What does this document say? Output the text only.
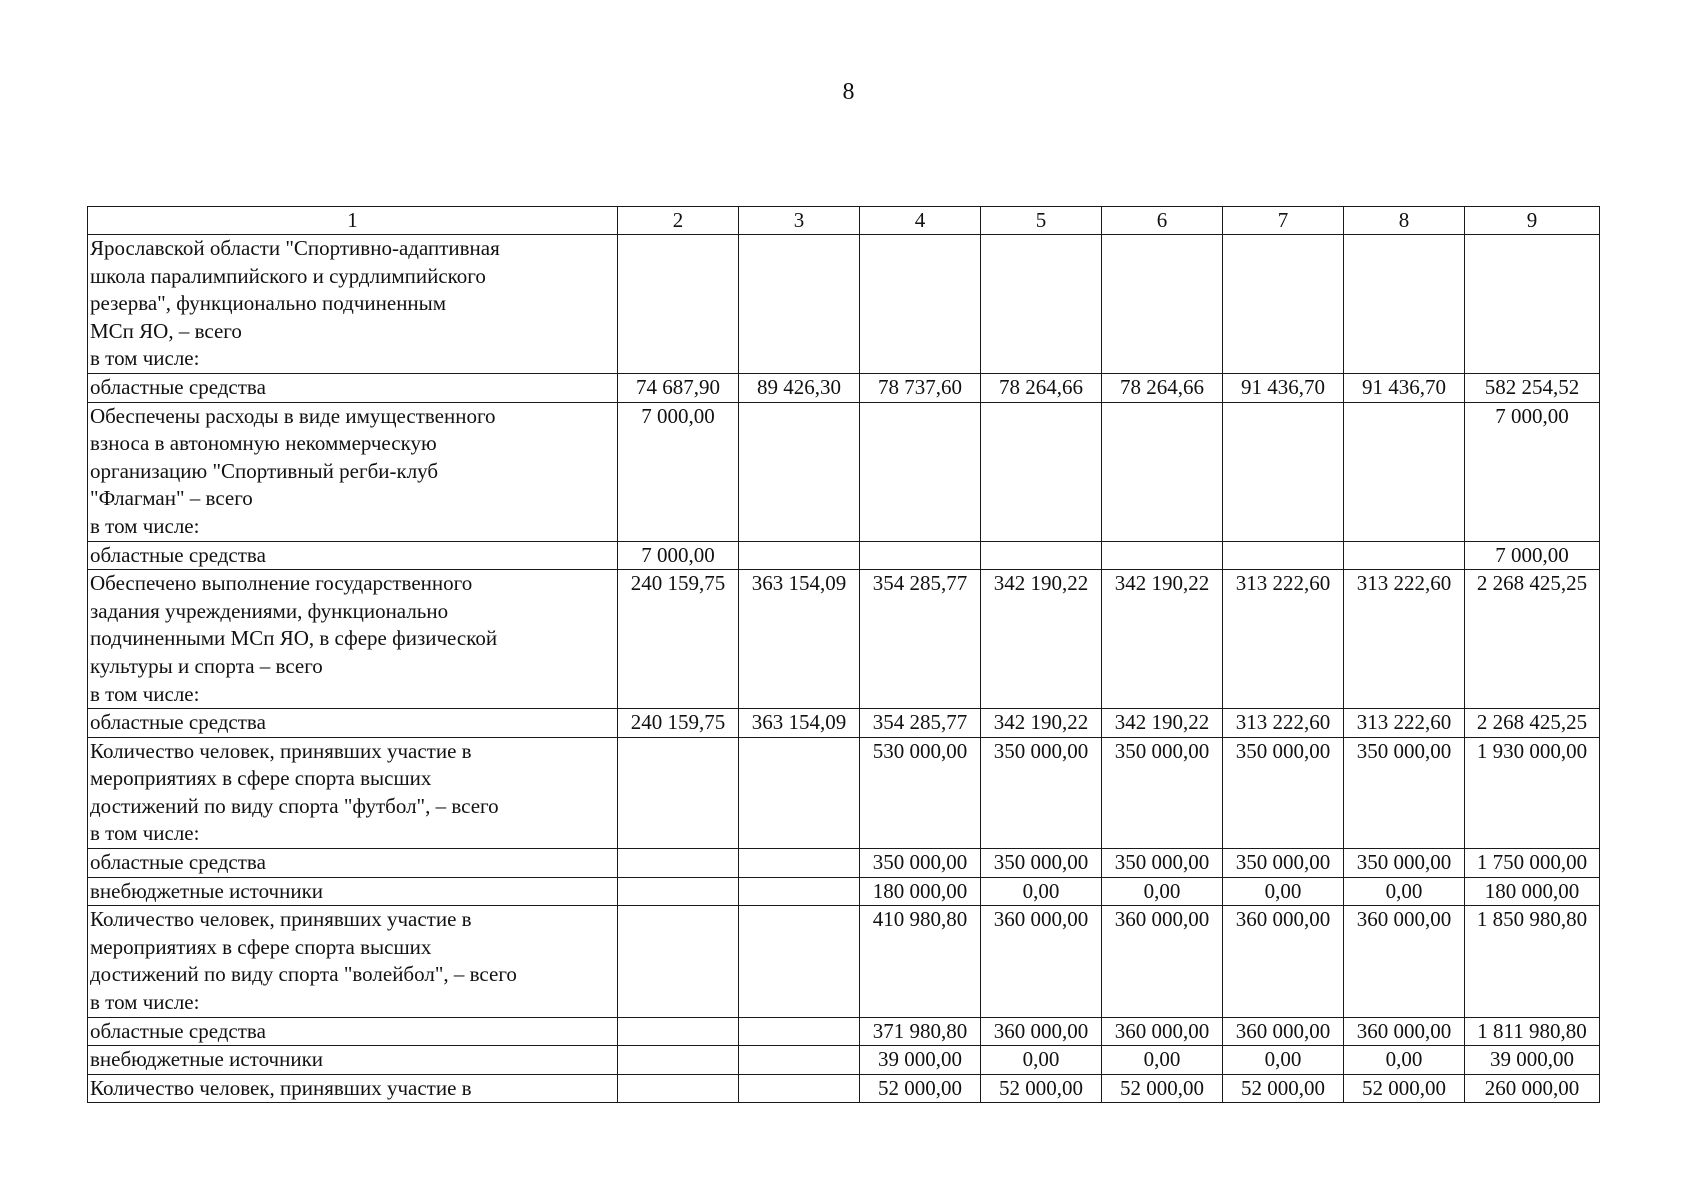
8
1	2	3	4	5	6	7	8	9
Ярославской области "Спортивно-адаптивная
школа паралимпийского и сурдлимпийского
резерва", функционально подчиненным
МСп ЯО, – всего
в том числе:								
областные средства	74 687,90	89 426,30	78 737,60	78 264,66	78 264,66	91 436,70	91 436,70	582 254,52
Обеспечены расходы в виде имущественного
взноса в автономную некоммерческую
организацию "Спортивный регби-клуб
"Флагман" – всего
в том числе:	7 000,00							7 000,00
областные средства	7 000,00							7 000,00
Обеспечено выполнение государственного
задания учреждениями, функционально
подчиненными МСп ЯО, в сфере физической
культуры и спорта – всего
в том числе:	240 159,75	363 154,09	354 285,77	342 190,22	342 190,22	313 222,60	313 222,60	2 268 425,25
областные средства	240 159,75	363 154,09	354 285,77	342 190,22	342 190,22	313 222,60	313 222,60	2 268 425,25
Количество человек, принявших участие в
мероприятиях в сфере спорта высших
достижений по виду спорта "футбол", – всего
в том числе:			530 000,00	350 000,00	350 000,00	350 000,00	350 000,00	1 930 000,00
областные средства			350 000,00	350 000,00	350 000,00	350 000,00	350 000,00	1 750 000,00
внебюджетные источники			180 000,00	0,00	0,00	0,00	0,00	180 000,00
Количество человек, принявших участие в
мероприятиях в сфере спорта высших
достижений по виду спорта "волейбол", – всего
в том числе:			410 980,80	360 000,00	360 000,00	360 000,00	360 000,00	1 850 980,80
областные средства			371 980,80	360 000,00	360 000,00	360 000,00	360 000,00	1 811 980,80
внебюджетные источники			39 000,00	0,00	0,00	0,00	0,00	39 000,00
Количество человек, принявших участие в			52 000,00	52 000,00	52 000,00	52 000,00	52 000,00	260 000,00
